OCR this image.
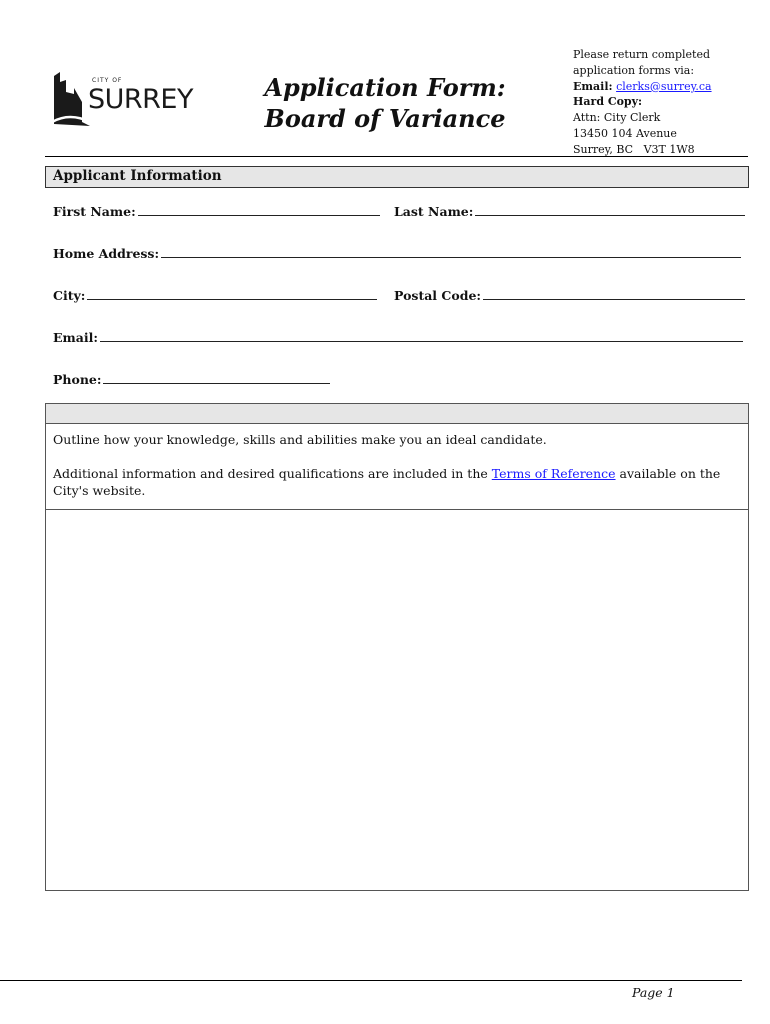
CITY OF
SURREY	Application Form:
Board of Variance
Please return completed
application forms via:
Email: clerks@surrey.ca
Hard Copy:
Attn: City Clerk
13450 104 Avenue
Surrey, BC   V3T 1W8
Applicant Information
First Name:	Last Name:
Home Address:
City:	Postal Code:
Email:
Phone:

Outline how your knowledge, skills and abilities make you an ideal candidate.

Additional information and desired qualifications are included in the Terms of Reference available on the City's website.

Page 1
